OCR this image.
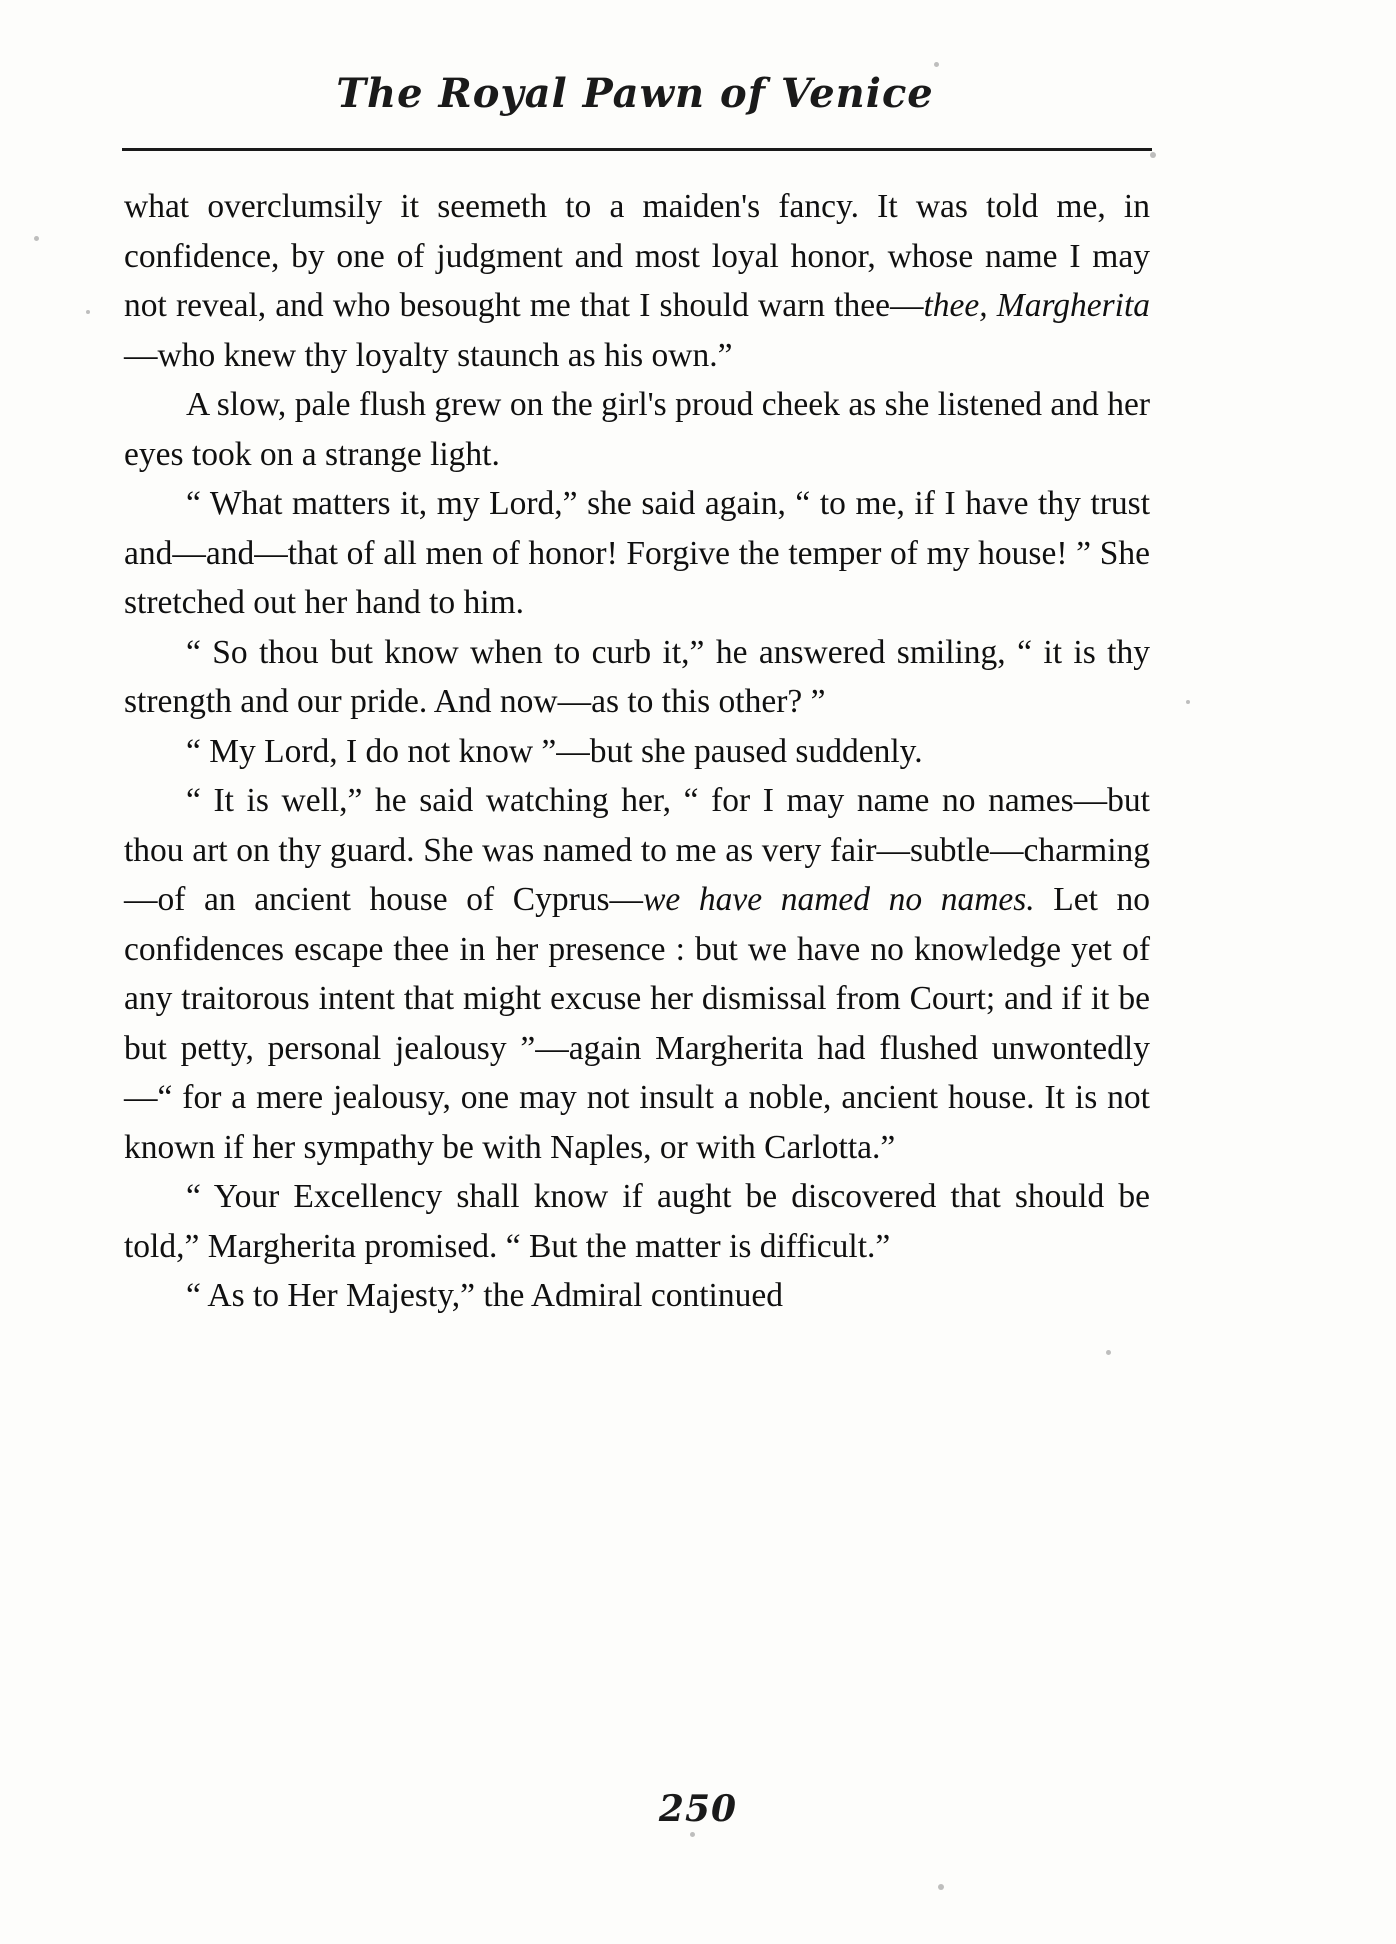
The Royal Pawn of Venice

what overclumsily it seemeth to a maiden's fancy. It was told me, in confidence, by one of judgment and most loyal honor, whose name I may not reveal, and who besought me that I should warn thee—thee, Margherita—who knew thy loyalty staunch as his own.”

A slow, pale flush grew on the girl's proud cheek as she listened and her eyes took on a strange light.

“ What matters it, my Lord,” she said again, “ to me, if I have thy trust and—and—that of all men of honor! Forgive the temper of my house! ” She stretched out her hand to him.

“ So thou but know when to curb it,” he answered smiling, “ it is thy strength and our pride. And now—as to this other? ”

“ My Lord, I do not know ”—but she paused suddenly.

“ It is well,” he said watching her, “ for I may name no names—but thou art on thy guard. She was named to me as very fair—subtle—charming—of an ancient house of Cyprus—we have named no names. Let no confidences escape thee in her presence : but we have no knowledge yet of any traitorous intent that might excuse her dismissal from Court; and if it be but petty, personal jealousy ”—again Margherita had flushed unwontedly—“ for a mere jealousy, one may not insult a noble, ancient house. It is not known if her sympathy be with Naples, or with Carlotta.”

“ Your Excellency shall know if aught be discovered that should be told,” Margherita promised. “ But the matter is difficult.”

“ As to Her Majesty,” the Admiral continued

250
